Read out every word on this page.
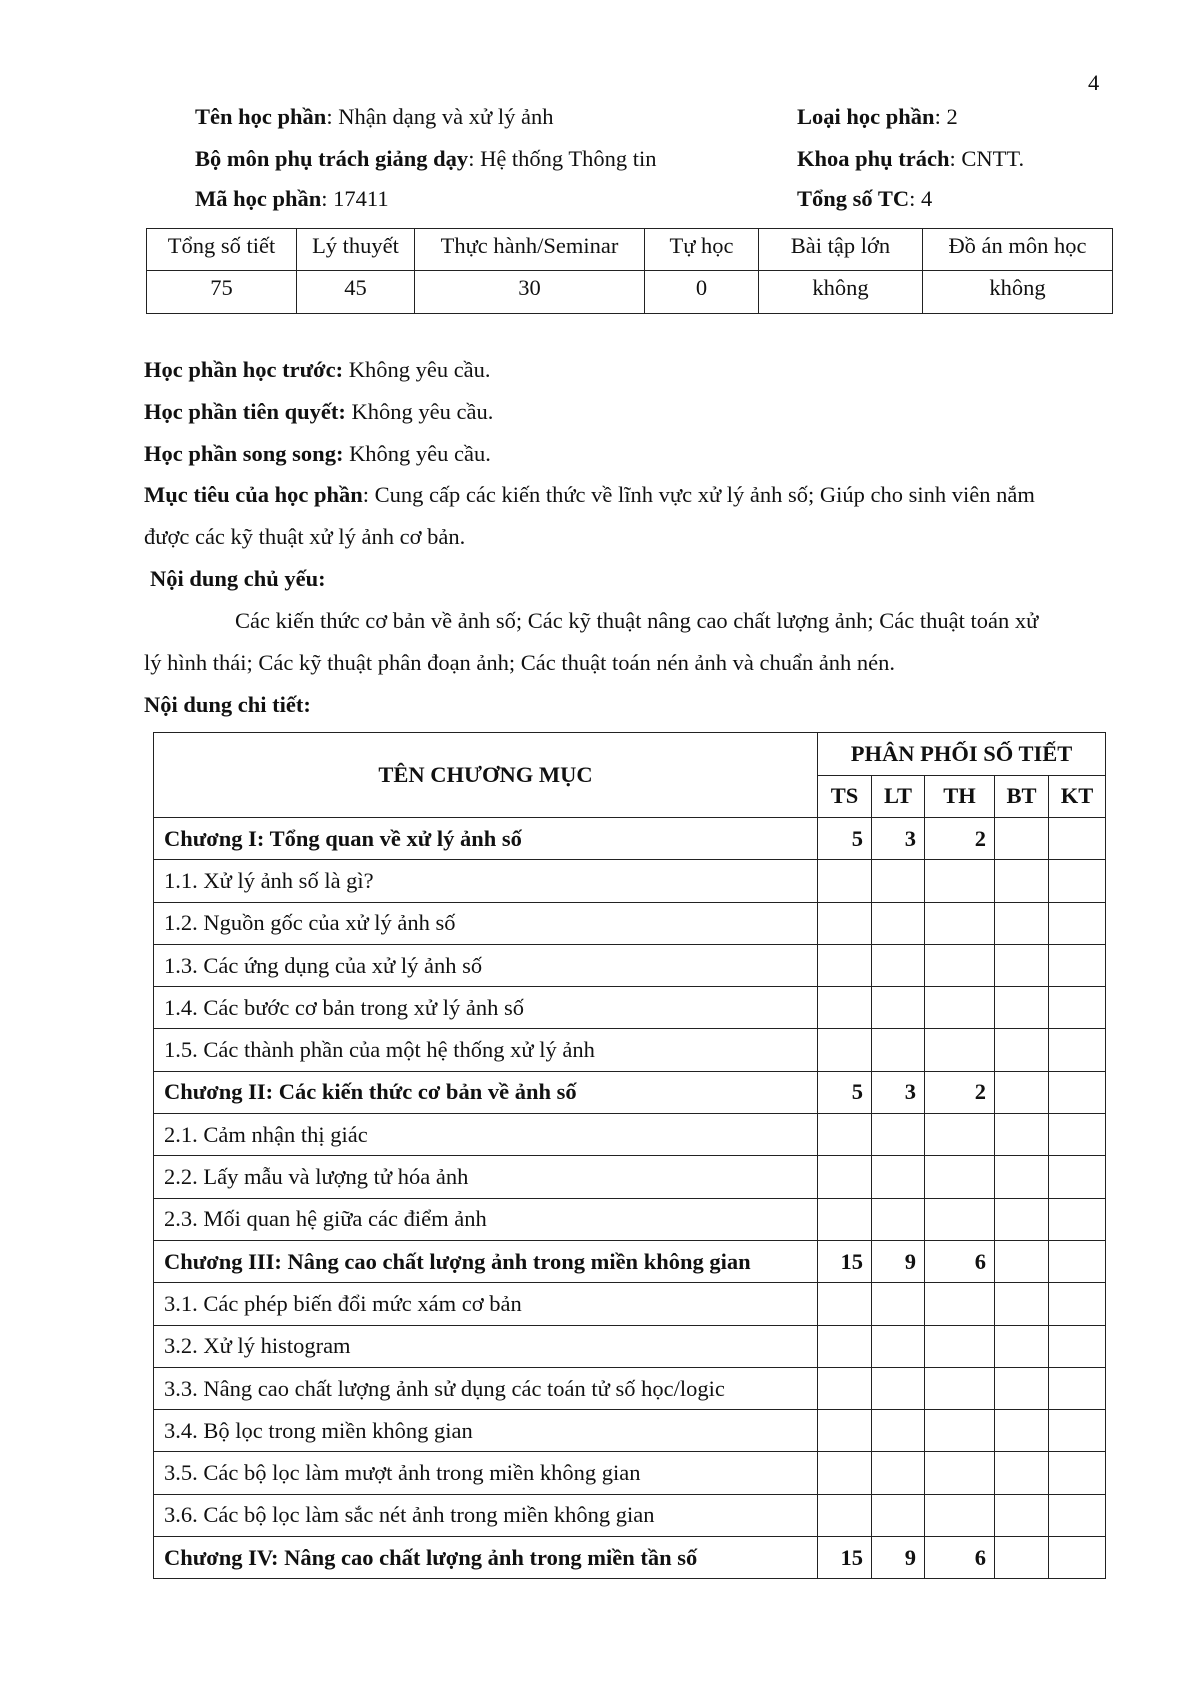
4
Tên học phần: Nhận dạng và xử lý ảnh	Loại học phần: 2
Bộ môn phụ trách giảng dạy: Hệ thống Thông tin	Khoa phụ trách: CNTT.
Mã học phần: 17411	Tổng số TC: 4
Tổng số tiết	Lý thuyết	Thực hành/Seminar	Tự học	Bài tập lớn	Đồ án môn học
75	45	30	0	không	không
Học phần học trước: Không yêu cầu.
Học phần tiên quyết: Không yêu cầu.
Học phần song song: Không yêu cầu.
Mục tiêu của học phần: Cung cấp các kiến thức về lĩnh vực xử lý ảnh số; Giúp cho sinh viên nắm
được các kỹ thuật xử lý ảnh cơ bản.
Nội dung chủ yếu:
Các kiến thức cơ bản về ảnh số; Các kỹ thuật nâng cao chất lượng ảnh; Các thuật toán xử
lý hình thái; Các kỹ thuật phân đoạn ảnh; Các thuật toán nén ảnh và chuẩn ảnh nén.
Nội dung chi tiết:
TÊN CHƯƠNG MỤC	PHÂN PHỐI SỐ TIẾT				
	TS	LT	TH	BT	KT
Chương I: Tổng quan về xử lý ảnh số	5	3	2		
1.1. Xử lý ảnh số là gì?					
1.2. Nguồn gốc của xử lý ảnh số					
1.3. Các ứng dụng của xử lý ảnh số					
1.4. Các bước cơ bản trong xử lý ảnh số					
1.5. Các thành phần của một hệ thống xử lý ảnh					
Chương II: Các kiến thức cơ bản về ảnh số	5	3	2		
2.1. Cảm nhận thị giác					
2.2. Lấy mẫu và lượng tử hóa ảnh					
2.3. Mối quan hệ giữa các điểm ảnh					
Chương III: Nâng cao chất lượng ảnh trong miền không gian	15	9	6		
3.1. Các phép biến đổi mức xám cơ bản					
3.2. Xử lý histogram					
3.3. Nâng cao chất lượng ảnh sử dụng các toán tử số học/logic					
3.4. Bộ lọc trong miền không gian					
3.5. Các bộ lọc làm mượt ảnh trong miền không gian					
3.6. Các bộ lọc làm sắc nét ảnh trong miền không gian					
Chương IV: Nâng cao chất lượng ảnh trong miền tần số	15	9	6		
